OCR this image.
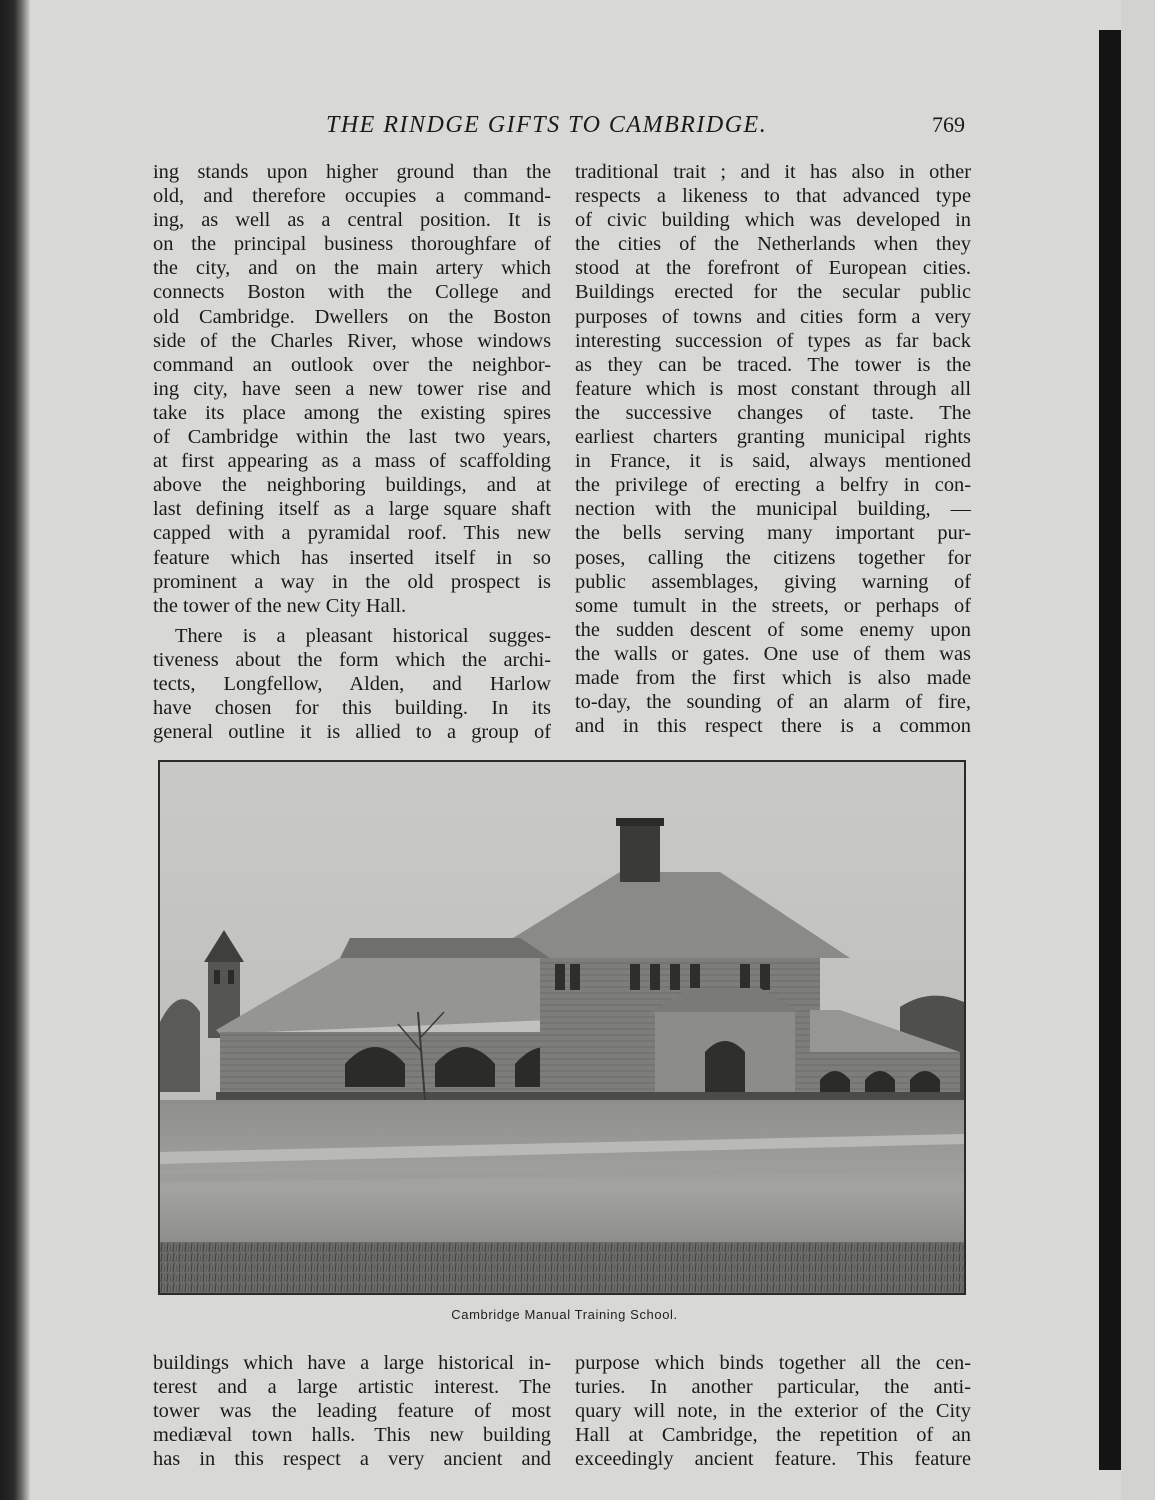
THE RINDGE GIFTS TO CAMBRIDGE.	769

ing stands upon higher ground than the
old, and therefore occupies a command-
ing, as well as a central position. It is
on the principal business thoroughfare of
the city, and on the main artery which
connects Boston with the College and
old Cambridge. Dwellers on the Boston
side of the Charles River, whose windows
command an outlook over the neighbor-
ing city, have seen a new tower rise and
take its place among the existing spires
of Cambridge within the last two years,
at first appearing as a mass of scaffolding
above the neighboring buildings, and at
last defining itself as a large square shaft
capped with a pyramidal roof. This new
feature which has inserted itself in so
prominent a way in the old prospect is
the tower of the new City Hall.

There is a pleasant historical sugges-
tiveness about the form which the archi-
tects, Longfellow, Alden, and Harlow
have chosen for this building. In its
general outline it is allied to a group of

traditional trait ; and it has also in other
respects a likeness to that advanced type
of civic building which was developed in
the cities of the Netherlands when they
stood at the forefront of European cities.
Buildings erected for the secular public
purposes of towns and cities form a very
interesting succession of types as far back
as they can be traced. The tower is the
feature which is most constant through all
the successive changes of taste. The
earliest charters granting municipal rights
in France, it is said, always mentioned
the privilege of erecting a belfry in con-
nection with the municipal building, —
the bells serving many important pur-
poses, calling the citizens together for
public assemblages, giving warning of
some tumult in the streets, or perhaps of
the sudden descent of some enemy upon
the walls or gates. One use of them was
made from the first which is also made
to-day, the sounding of an alarm of fire,
and in this respect there is a common

Cambridge Manual Training School.

buildings which have a large historical in-
terest and a large artistic interest. The
tower was the leading feature of most
mediæval town halls. This new building
has in this respect a very ancient and

purpose which binds together all the cen-
turies. In another particular, the anti-
quary will note, in the exterior of the City
Hall at Cambridge, the repetition of an
exceedingly ancient feature. This feature
